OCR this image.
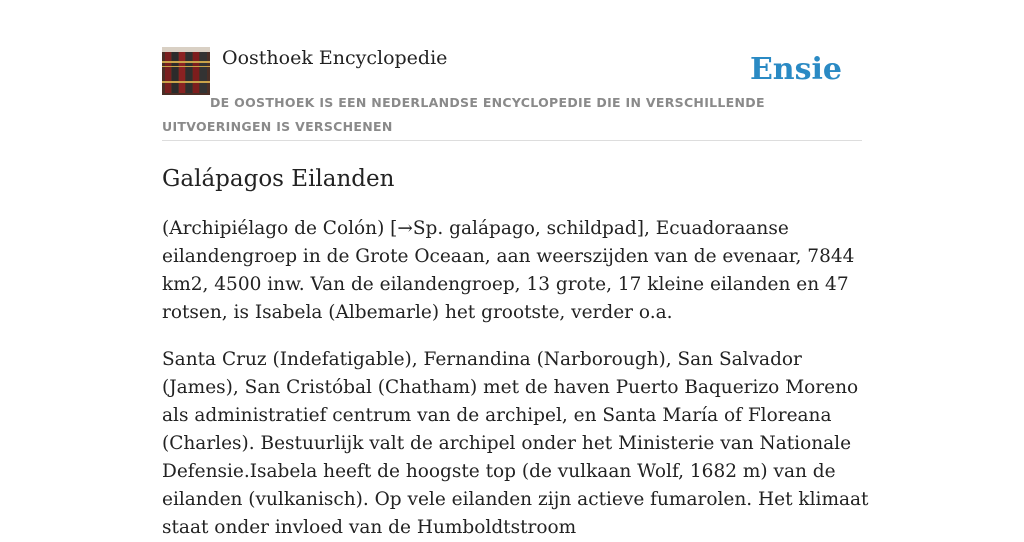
Oosthoek Encyclopedie	Ensie
DE OOSTHOEK IS EEN NEDERLANDSE ENCYCLOPEDIE DIE IN VERSCHILLENDE UITVOERINGEN IS VERSCHENEN
Galápagos Eilanden

(Archipiélago de Colón) [→Sp. galápago, schildpad], Ecuadoraanse eilandengroep in de Grote Oceaan, aan weerszijden van de evenaar, 7844 km2, 4500 inw. Van de eilandengroep, 13 grote, 17 kleine eilanden en 47 rotsen, is Isabela (Albemarle) het grootste, verder o.a.

Santa Cruz (Indefatigable), Fernandina (Narborough), San Salvador (James), San Cristóbal (Chatham) met de haven Puerto Baquerizo Moreno als administratief centrum van de archipel, en Santa María of Floreana (Charles). Bestuurlijk valt de archipel onder het Ministerie van Nationale Defensie.Isabela heeft de hoogste top (de vulkaan Wolf, 1682 m) van de eilanden (vulkanisch). Op vele eilanden zijn actieve fumarolen. Het klimaat staat onder invloed van de Humboldtstroom
